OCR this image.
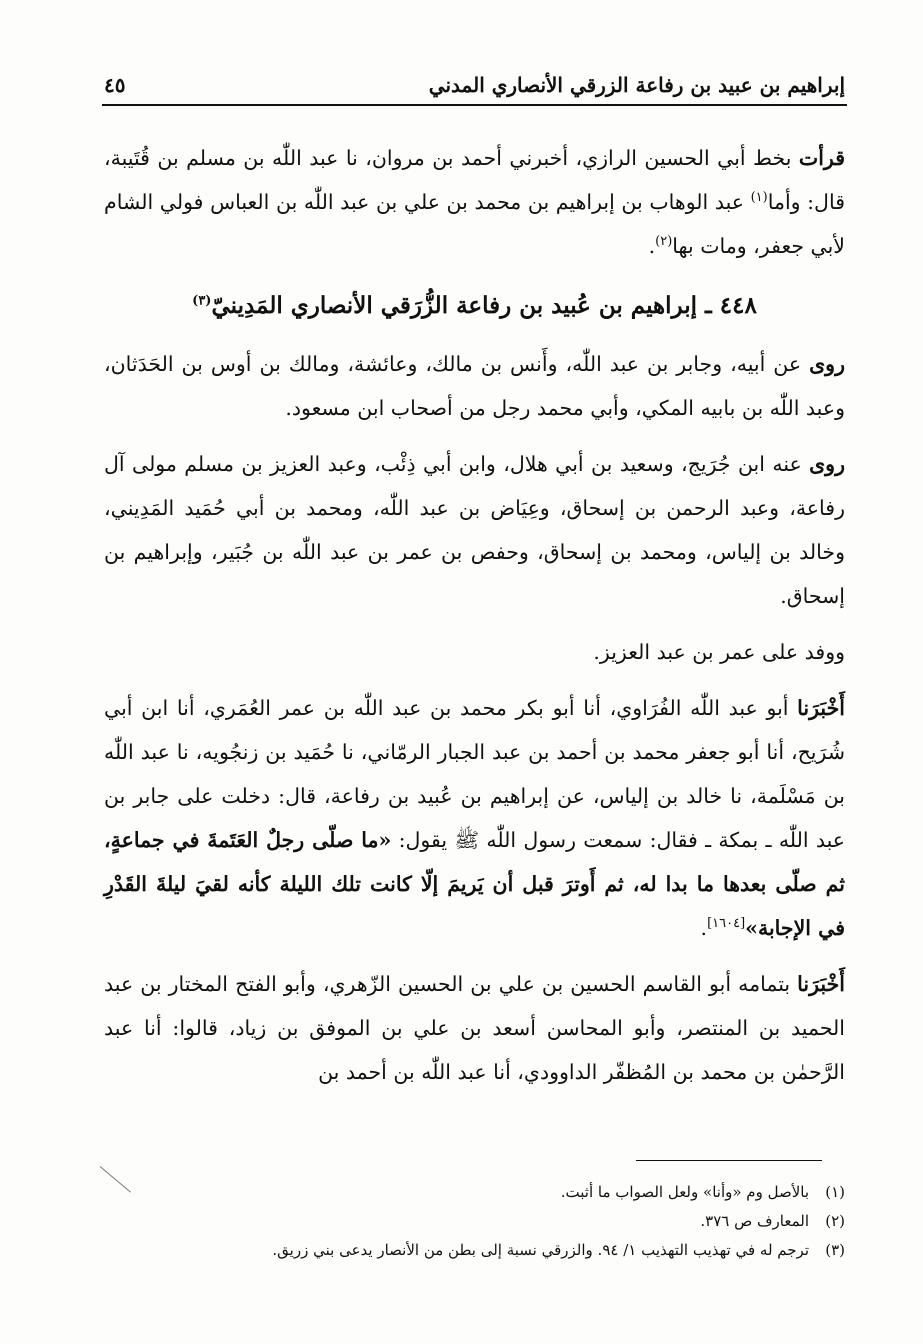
إبراهيم بن عبيد بن رفاعة الزرقي الأنصاري المدني
٤٥

قرأت بخط أبي الحسين الرازي، أخبرني أحمد بن مروان، نا عبد اللّٰه بن مسلم بن قُتَيبة، قال: وأما$^{(١)}$ عبد الوهاب بن إبراهيم بن محمد بن علي بن عبد اللّٰه بن العباس فولي الشام لأبي جعفر، ومات بها$^{(٢)}$.

٤٤٨ ـ إبراهيم بن عُبيد بن رفاعة الزُّرَقي الأنصاري المَدِينيّ$^{(٣)}$

روى عن أبيه، وجابر بن عبد اللّٰه، وأَنس بن مالك، وعائشة، ومالك بن أوس بن الحَدَثان، وعبد اللّٰه بن بابيه المكي، وأبي محمد رجل من أصحاب ابن مسعود.

روى عنه ابن جُرَيج، وسعيد بن أبي هلال، وابن أبي ذِئْب، وعبد العزيز بن مسلم مولى آل رفاعة، وعبد الرحمن بن إسحاق، وعِيَاض بن عبد اللّٰه، ومحمد بن أبي حُمَيد المَدِيني، وخالد بن إلياس، ومحمد بن إسحاق، وحفص بن عمر بن عبد اللّٰه بن جُبَير، وإبراهيم بن إسحاق.

ووفد على عمر بن عبد العزيز.

أَخْبَرَنا أبو عبد اللّٰه الفُرَاوي، أنا أبو بكر محمد بن عبد اللّٰه بن عمر العُمَري، أنا ابن أبي شُرَيح، أنا أبو جعفر محمد بن أحمد بن عبد الجبار الرمّاني، نا حُمَيد بن زنجُويه، نا عبد اللّٰه بن مَسْلَمة، نا خالد بن إلياس، عن إبراهيم بن عُبيد بن رفاعة، قال: دخلت على جابر بن عبد اللّٰه ـ بمكة ـ فقال: سمعت رسول اللّٰه ﷺ يقول: «ما صلّى رجلٌ العَتَمةَ في جماعةٍ، ثم صلّى بعدها ما بدا له، ثم أَوترَ قبل أن يَريمَ إلّا كانت تلك الليلة كأنه لقيَ ليلةَ القَدْرِ في الإجابة»[١٦٠٤].

أَخْبَرَنا بتمامه أبو القاسم الحسين بن علي بن الحسين الزّهري، وأبو الفتح المختار بن عبد الحميد بن المنتصر، وأبو المحاسن أسعد بن علي بن الموفق بن زياد، قالوا: أنا عبد الرَّحمٰن بن محمد بن المُظفّر الداوودي، أنا عبد اللّٰه بن أحمد بن

(١)بالأصل وم «وأنا» ولعل الصواب ما أثبت.
(٢)المعارف ص ٣٧٦.
(٣)ترجم له في تهذيب التهذيب ١/ ٩٤. والزرقي نسبة إلى بطن من الأنصار يدعى بني زريق.
